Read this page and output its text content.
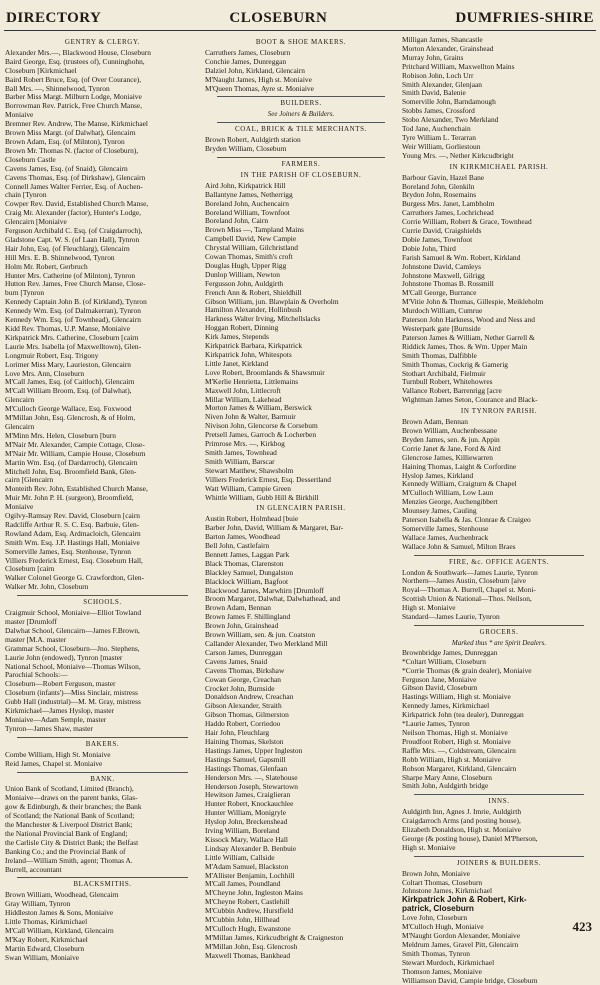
DIRECTORY	CLOSEBURN	DUMFRIES-SHIRE
GENTRY & CLERGY.
Alexander Mrs.—, Blackwood House, Closeburn
Baird George, Esq. (trustees of), Cunninghohn,
Closeburn [Kirkmichael
Baird Robert Bruce, Esq. (of Over Courance),
Ball Mrs. —, Shinnelwood, Tynron
Barber Miss Margt. Milburn Lodge, Moniaive
Borrowman Rev. Patrick, Free Church Manse,
Moniaive
Bremner Rev. Andrew, The Manse, Kirkmichael
Brown Miss Margt. (of Dalwhat), Glencairn
Brown Adam, Esq. (of Milnton), Tynron
Brown Mr. Thomas N. (factor of Closeburn),
Closeburn Castle
Cavens James, Esq. (of Snaid), Glencairn
Cavens Thomas, Esq. (of Dirkshaw), Glencairn
Connell James Walter Ferrier, Esq. of Auchen-
chain [Tynron
Cowper Rev. David, Established Church Manse,
Craig Mr. Alexander (factor), Hunter's Lodge,
Glencairn [Moniaive
Ferguson Archibald C. Esq. (of Craigdarroch),
Gladstone Capt. W. S. (of Laan Hall), Tynron
Hair John, Esq. (of Fleuchlarg), Glencairn
Hill Mrs. E. B. Shinnelwood, Tynron
Holm Mr. Robert, Gerbruch
Hunter Mrs. Catherine (of Milnton), Tynron
Hutton Rev. James, Free Church Manse, Close-
burn [Tynron
Kennedy Captain John B. (of Kirkland), Tynron
Kennedy Wm. Esq. (of Dalmakerran), Tynron
Kennedy Wm. Esq. (of Townhead), Glencairn
Kidd Rev. Thomas, U.P. Manse, Moniaive
Kirkpatrick Mrs. Catherine, Closeburn [cairn
Laurie Mrs. Isabella (of Maxwelltown), Glen-
Longmuir Robert, Esq. Trigony
Lorimer Miss Mary, Laurieston, Glencairn
Love Mrs. Ann, Closeburn
M'Call James, Esq. (of Caitloch), Glencairn
M'Call William Broom, Esq. (of Dalwhat),
Glencairn
M'Culloch George Wallace, Esq. Foxwood
M'Millan John, Esq. Glencrosh, & of Holm,
Glencairn
M'Minn Mrs. Helen, Closeburn [burn
M'Nair Mr. Alexander, Campie Cottage, Close-
M'Nair Mr. William, Campie House, Closeburn
Martin Wm. Esq. (of Dardarroch), Glencairn
Mitchell John, Esq. Broomfield Bank, Glen-
cairn [Glencairn
Monteith Rev. John, Established Church Manse,
Muir Mr. John P. H. (surgeon), Broomfield,
Moniaive
Ogilvy-Ramsay Rev. David, Closeburn [cairn
Radcliffe Arthur R. S. C. Esq. Barbuie, Glen-
Rowland Adam, Esq. Ardmacloich, Glencairn
Smith Wm. Esq. J.P. Hastings Hall, Moniaive
Somerville James, Esq. Stenhouse, Tynron
Villiers Frederick Ernest, Esq. Closeburn Hall,
Closeburn [cairn
Walker Colonel George G. Crawfordton, Glen-
Walker Mr. John, Closeburn
SCHOOLS.
Craigmuir School, Moniaive—Elliot Towland
master [Drumloff
Dalwhat School, Glencairn—James F.Brown,
master [M.A. master
Grammar School, Closeburn—Jno. Stephens,
Laurie John (endowed), Tynron [master
National School, Moniaive—Thomas Wilson,
Parochial Schools:—
Closeburn—Robert Ferguson, master
Closeburn (infants')—Miss Sinclair, mistress
Gubb Hall (industrial)—M. M. Gray, mistress
Kirkmichael—James Hyslop, master
Moniaive—Adam Semple, master
Tynron—James Shaw, master
BAKERS.
Combe William, High St. Moniaive
Reid James, Chapel st. Moniaive
BANK.
Union Bank of Scotland, Limited (Branch),
Moniaive—draws on the parent banks, Glas-
gow & Edinburgh, & their branches; the Bank
of Scotland; the National Bank of Scotland;
the Manchester & Liverpool District Bank;
the National Provincial Bank of England;
the Carlisle City & District Bank; the Belfast
Banking Co.; and the Provincial Bank of
Ireland—William Smith, agent; Thomas A.
Burrell, accountant
BLACKSMITHS.
Brown William, Woodhead, Glencairn
Gray William, Tynron
Hiddleston James & Sons, Moniaive
Little Thomas, Kirkmichael
M'Call William, Kirkland, Glencairn
M'Kay Robert, Kirkmichael
Martin Edward, Closeburn
Swan William, Moniaive
BOOT & SHOE MAKERS.
Carruthers James, Closeburn
Conchie James, Dunreggan
Dalziel John, Kirkland, Glencairn
M'Naught James, High st. Moniaive
M'Queen Thomas, Ayre st. Moniaive
BUILDERS.
See Joiners & Builders.
COAL, BRICK & TILE MERCHANTS.
Brown Robert, Auldgirth station
Bryden William, Closeburn
FARMERS.
IN THE PARISH OF CLOSEBURN.
Aird John, Kirkpatrick Hill
Ballantyne James, Netherrigg
Boreland John, Auchencairn
Boreland William, Townfoot
Boreland John, Cairn
Brown Miss —, Tampland Mains
Campbell David, New Campie
Chrystal William, Gilchristland
Cowan Thomas, Smith's croft
Douglas Hugh, Upper Rigg
Dunlop William, Newton
Fergusson John, Auldgirth
French Ann & Robert, Shieldhill
Gibson William, jun. Blawplain & Overholm
Hamilton Alexander, Hollinbush
Harkness Walter Irving, Mitchellslacks
Hoggan Robert, Dinning
Kirk James, Stepends
Kirkpatrick Barbara, Kirkpatrick
Kirkpatrick John, Whitespots
Little Janet, Kirkland
Love Robert, Broomlands & Shawsmuir
M'Kerlie Henrietta, Littlemains
Maxwell John, Littlecroft
Millar William, Lakehead
Morton James & William, Berswick
Niven John & Walter, Barmuir
Nivison John, Glencorse & Corsebum
Pretsell James, Garroch & Locherben
Primrose Mrs. —, Kirkbog
Smith James, Townhead
Smith William, Barscar
Stewart Matthew, Shawsholm
Villiers Frederick Ernest, Esq. Dessertland
Watt William, Campie Green
Whittle William, Gubb Hill & Birkhill
IN GLENCAIRN PARISH.
Austin Robert, Holmhead [buie
Barber John, David, William & Margaret, Bar-
Barton James, Woodhead
Bell John, Castlefairn
Bennett James, Laggan Park
Black Thomas, Clarenston
Blackley Samuel, Dungalston
Blacklock William, Bagfoot
Blackwood James, Marwhirn [Drumloff
Broom Margaret, Dalwhat, Dalwhathead, and
Brown Adam, Bennan
Brown James F. Shillingland
Brown John, Grainshead
Brown William, sen. & jun. Coatston
Callander Alexander, Two Merkland Mill
Carson James, Dunreggan
Cavens James, Snaid
Cavens Thomas, Birkshaw
Cowan George, Creachan
Crocket John, Burnside
Donaldson Andrew, Creachan
Gibson Alexander, Straith
Gibson Thomas, Gilmerston
Haddo Robert, Corriedoo
Hair John, Fleuchlarg
Haining Thomas, Skelston
Hastings James, Upper Ingleston
Hastings Samuel, Gapsmill
Hastings Thomas, Glenfaan
Henderson Mrs. —, Slatehouse
Henderson Joseph, Stewartown
Hewitson James, Craiglieran
Hunter Robert, Knockauchlee
Hunter William, Monigryle
Hyslop John, Breckenshead
Irving William, Boreland
Kissock Mary, Wallace Hall
Lindsay Alexander B. Benbuie
Little William, Callside
M'Adam Samuel, Blackston
M'Allister Benjamin, Lochhill
M'Call James, Poundland
M'Cheyne John, Ingleston Mains
M'Cheyne Robert, Castlehill
M'Cubbin Andrew, Hurstfield
M'Cubbin John, Hillhead
M'Culloch Hugh, Ewanstone
M'Millan James, Kirkcudbright & Craigneston
M'Millan John, Esq. Glencrosh
Maxwell Thomas, Bankhead
Milligan James, Shancastle
Morton Alexander, Grainshead
Murray John, Grains
Pritchard William, Maxwellton Mains
Robison John, Loch Urr
Smith Alexander, Glenjaan
Smith David, Balenie
Somerville John, Barndamough
Stobbs James, Crossford
Stobo Alexander, Two Merkland
Tod Jane, Auchenchain
Tyre William L. Terarran
Weir William, Gorliestoun
Young Mrs. —, Nether Kirkcudbright
IN KIRKMICHAEL PARISH.
Barbour Gavin, Hazel Bane
Boreland John, Glenkiln
Brydon John, Rosemains
Burgess Mrs. Janet, Lambholm
Carruthers James, Lochrichead
Corrie William, Robert & Grace, Townhead
Currie David, Craigshields
Dobie James, Townfoot
Dobie John, Third
Farish Samuel & Wm. Robert, Kirkland
Johnstone David, Camleys
Johnstone Maxwell, Gilrigg
Johnstone Thomas B. Rossmill
M'Call George, Burrance
M'Vitie John & Thomas, Gillespie, Meikleholm
Murdoch William, Cumrue
Paterson John Harkness, Wood and Ness and
Westerpark gate [Burnside
Paterson James & William, Nether Garrell &
Riddick James, Thos. & Wm. Upper Main
Smith Thomas, Dalfibble
Smith Thomas, Cockrig & Gamerig
Stothart Archibald, Fielmuir
Turnbull Robert, Whitehowres
Vallance Robert, Barrenrigg [acre
Wightman James Seton, Courance and Black-
IN TYNRON PARISH.
Brown Adam, Bennan
Brown William, Auchenbessane
Bryden James, sen. & jun. Appin
Corrie Janet & Jane, Ford & Aird
Glencrose James, Killiewarren
Haining Thomas, Laight & Corfordine
Hyslop James, Kirkland
Kennedy William, Craigturn & Chapel
M'Culloch William, Low Laun
Menzies George, Auchengibbert
Mounsey James, Cauling
Paterson Isabella & Jas. Clonrae & Craigeo
Somerville James, Stenhouse
Wallace James, Auchenbrack
Wallace John & Samuel, Milton Braes
FIRE, &c. OFFICE AGENTS.
London & Southwark—James Laurie, Tynron
Northern—James Austin, Closeburn [aive
Royal—Thomas A. Burrell, Chapel st. Moni-
Scottish Union & National—Thos. Neilson,
High st. Moniaive
Standard—James Laurie, Tynron
GROCERS.
Marked thus * are Spirit Dealers.
Brownbridge James, Dunreggan
*Coltart William, Closeburn
*Corrie Thomas (& grain dealer), Moniaive
Ferguson Jane, Moniaive
Gibson David, Closeburn
Hastings William, High st. Moniaive
Kennedy James, Kirkmichael
Kirkpatrick John (tea dealer), Dunreggan
*Laurie James, Tynron
Neilson Thomas, High st. Moniaive
Proudfoot Robert, High st. Moniaive
Raffle Mrs. —, Coldstream, Glencairn
Robb William, High st. Moniaive
Robson Margaret, Kirkland, Glencairn
Sharpe Mary Anne, Closeburn
Smith John, Auldgirth bridge
INNS.
Auldgirth Inn, Agnes J. Imrie, Auldgirth
Craigdarroch Arms (and posting house),
Elizabeth Donaldson, High st. Moniaive
George (& posting house), Daniel M'Pherson,
High st. Moniaive
JOINERS & BUILDERS.
Brown John, Moniaive
Coltart Thomas, Closeburn
Johnstone James, Kirkmichael
Kirkpatrick John & Robert, Kirk-
patrick, Closeburn
Love John, Closeburn
M'Culloch Hugh, Moniaive
M'Naught Gordon Alexander, Moniaive
Meldrum James, Gravel Pitt, Glencairn
Smith Thomas, Tynron
Stewart Murdoch, Kirkmichael
Thomson James, Moniaive
Williamson David, Campie bridge, Closeburn
423
